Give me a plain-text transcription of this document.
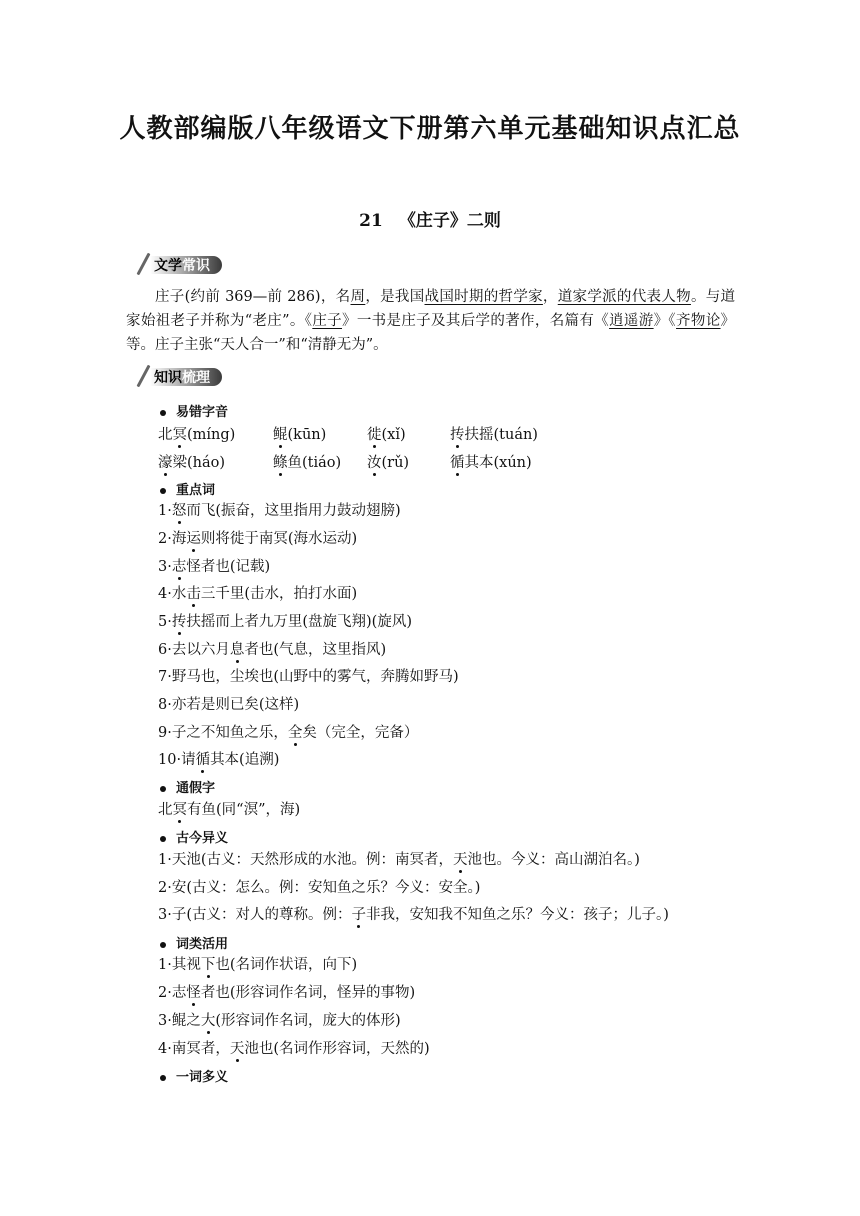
人教部编版八年级语文下册第六单元基础知识点汇总
21 《庄子》二则
文学 常识

庄子(约前 369—前 286)，名周，是我国战国时期的哲学家，道家学派的代表人物。与道家始祖老子并称为“老庄”。《庄子》一书是庄子及其后学的著作，名篇有《逍遥游》《齐物论》等。庄子主张“天人合一”和“清静无为”。

知识 梳理
易错字音
北冥(míng)	鲲(kūn)	徙(xǐ)	抟扶摇(tuán)
濠梁(háo)	鲦鱼(tiáo) 汝(rǔ)	循其本(xún)
重点词
1·怒而飞(振奋，这里指用力鼓动翅膀)
2·海运则将徙于南冥(海水运动)
3·志怪者也(记载)
4·水击三千里(击水，拍打水面)
5·抟扶摇而上者九万里(盘旋飞翔)(旋风)
6·去以六月息者也(气息，这里指风)
7·野马也，尘埃也(山野中的雾气，奔腾如野马)
8·亦若是则已矣(这样)
9·子之不知鱼之乐，全矣（完全，完备）
10·请循其本(追溯)
通假字
北冥有鱼(同“溟”，海)
古今异义
1·天池(古义：天然形成的水池。例：南冥者，天池也。今义：高山湖泊名。)
2·安(古义：怎么。例：安知鱼之乐？今义：安全。)
3·子(古义：对人的尊称。例：子非我，安知我不知鱼之乐？今义：孩子；儿子。)
词类活用
1·其视下也(名词作状语，向下)
2·志怪者也(形容词作名词，怪异的事物)
3·鲲之大(形容词作名词，庞大的体形)
4·南冥者，天池也(名词作形容词，天然的)
一词多义
